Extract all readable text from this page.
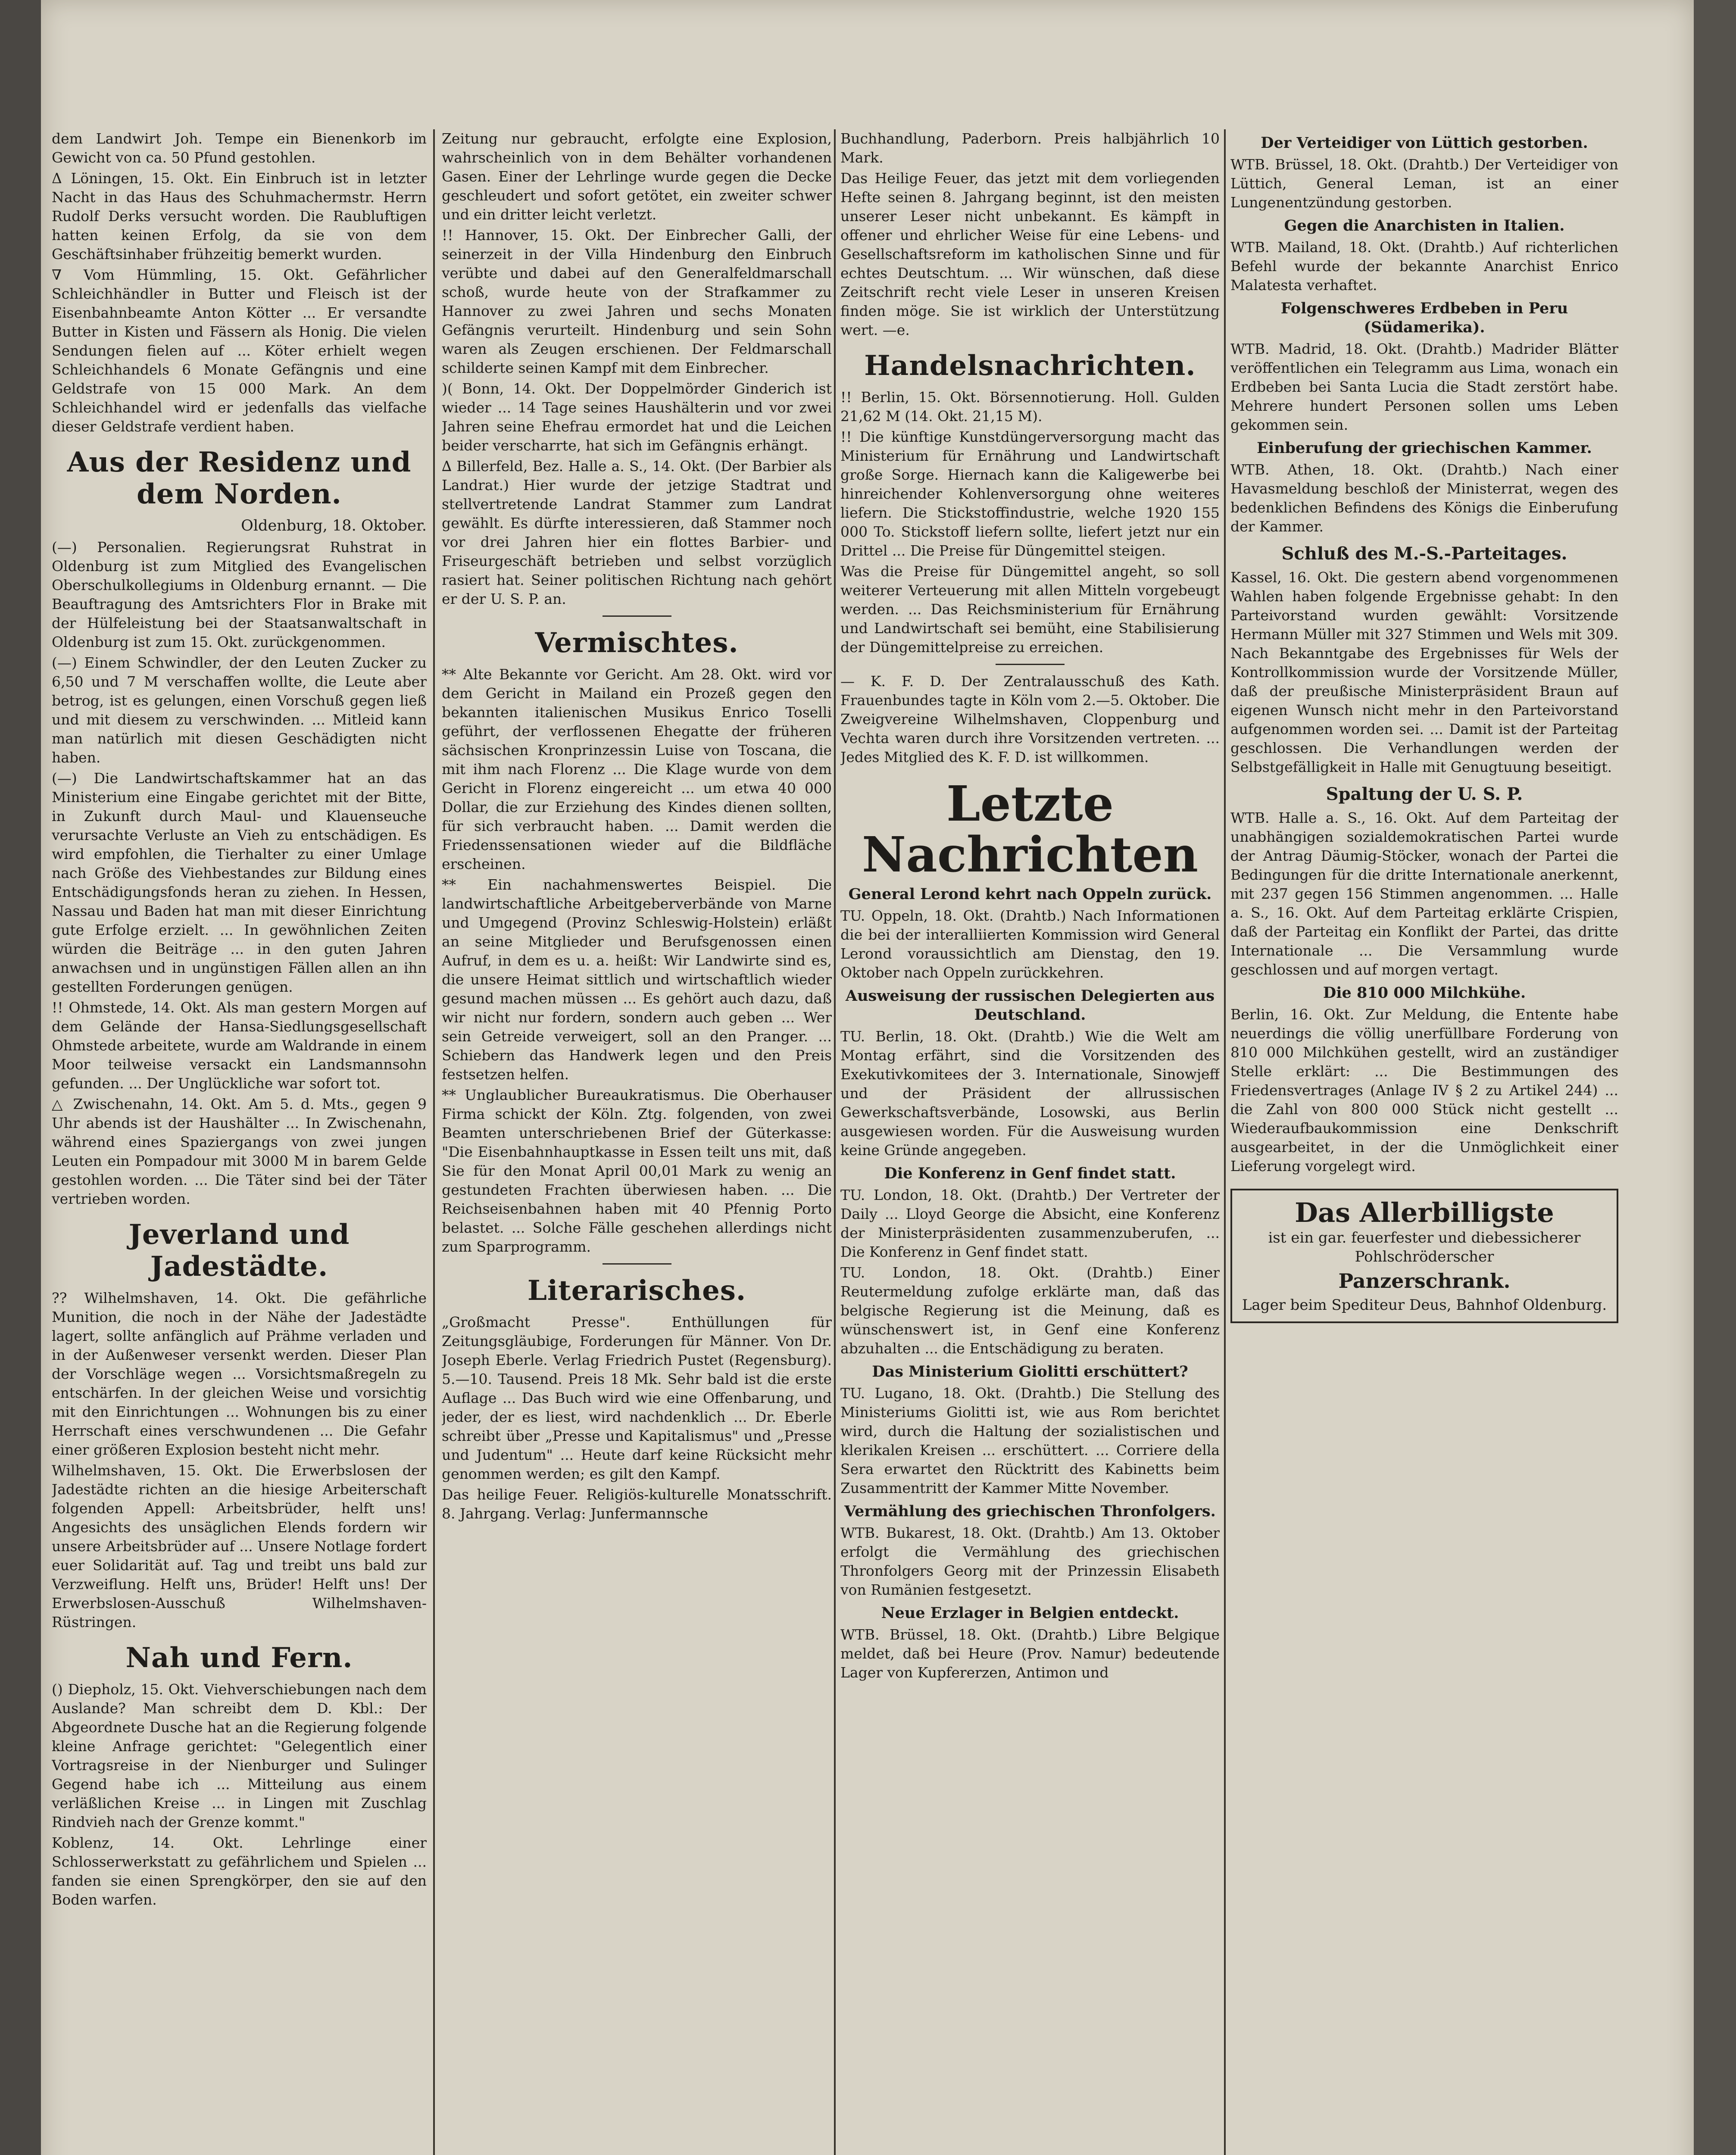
dem Landwirt Joh. Tempe ein Bienenkorb im Gewicht von ca. 50 Pfund gestohlen.

Δ Löningen, 15. Okt. Ein Einbruch ist in letzter Nacht in das Haus des Schuhmachermstr. Herrn Rudolf Derks versucht worden. Die Raubluftigen hatten keinen Erfolg, da sie von dem Geschäftsinhaber frühzeitig bemerkt wurden.

∇ Vom Hümmling, 15. Okt. Gefährlicher Schleichhändler in Butter und Fleisch ist der Eisenbahnbeamte Anton Kötter ... Er versandte Butter in Kisten und Fässern als Honig. Die vielen Sendungen fielen auf ... Köter erhielt wegen Schleichhandels 6 Monate Gefängnis und eine Geldstrafe von 15 000 Mark. An dem Schleichhandel wird er jedenfalls das vielfache dieser Geldstrafe verdient haben.

Aus der Residenz und dem Norden.
Oldenburg, 18. Oktober.

(—) Personalien. Regierungsrat Ruhstrat in Oldenburg ist zum Mitglied des Evangelischen Oberschulkollegiums in Oldenburg ernannt. — Die Beauftragung des Amtsrichters Flor in Brake mit der Hülfeleistung bei der Staatsanwaltschaft in Oldenburg ist zum 15. Okt. zurückgenommen.

(—) Einem Schwindler, der den Leuten Zucker zu 6,50 und 7 M verschaffen wollte, die Leute aber betrog, ist es gelungen, einen Vorschuß gegen ließ und mit diesem zu verschwinden. ... Mitleid kann man natürlich mit diesen Geschädigten nicht haben.

(—) Die Landwirtschaftskammer hat an das Ministerium eine Eingabe gerichtet mit der Bitte, in Zukunft durch Maul- und Klauenseuche verursachte Verluste an Vieh zu entschädigen. Es wird empfohlen, die Tierhalter zu einer Umlage nach Größe des Viehbestandes zur Bildung eines Entschädigungsfonds heran zu ziehen. In Hessen, Nassau und Baden hat man mit dieser Einrichtung gute Erfolge erzielt. ... In gewöhnlichen Zeiten würden die Beiträge ... in den guten Jahren anwachsen und in ungünstigen Fällen allen an ihn gestellten Forderungen genügen.

!! Ohmstede, 14. Okt. Als man gestern Morgen auf dem Gelände der Hansa-Siedlungsgesellschaft Ohmstede arbeitete, wurde am Waldrande in einem Moor teilweise versackt ein Landsmannsohn gefunden. ... Der Unglückliche war sofort tot.

△ Zwischenahn, 14. Okt. Am 5. d. Mts., gegen 9 Uhr abends ist der Haushälter ... In Zwischenahn, während eines Spaziergangs von zwei jungen Leuten ein Pompadour mit 3000 M in barem Gelde gestohlen worden. ... Die Täter sind bei der Täter vertrieben worden.

Jeverland und Jadestädte.

?? Wilhelmshaven, 14. Okt. Die gefährliche Munition, die noch in der Nähe der Jadestädte lagert, sollte anfänglich auf Prähme verladen und in der Außenweser versenkt werden. Dieser Plan der Vorschläge wegen ... Vorsichtsmaßregeln zu entschärfen. In der gleichen Weise und vorsichtig mit den Einrichtungen ... Wohnungen bis zu einer Herrschaft eines verschwundenen ... Die Gefahr einer größeren Explosion besteht nicht mehr.

Wilhelmshaven, 15. Okt. Die Erwerbslosen der Jadestädte richten an die hiesige Arbeiterschaft folgenden Appell: Arbeitsbrüder, helft uns! Angesichts des unsäglichen Elends fordern wir unsere Arbeitsbrüder auf ... Unsere Notlage fordert euer Solidarität auf. Tag und treibt uns bald zur Verzweiflung. Helft uns, Brüder! Helft uns! Der Erwerbslosen-Ausschuß Wilhelmshaven-Rüstringen.

Nah und Fern.

() Diepholz, 15. Okt. Viehverschiebungen nach dem Auslande? Man schreibt dem D. Kbl.: Der Abgeordnete Dusche hat an die Regierung folgende kleine Anfrage gerichtet: "Gelegentlich einer Vortragsreise in der Nienburger und Sulinger Gegend habe ich ... Mitteilung aus einem verläßlichen Kreise ... in Lingen mit Zuschlag Rindvieh nach der Grenze kommt."

Koblenz, 14. Okt. Lehrlinge einer Schlosserwerkstatt zu gefährlichem und Spielen ... fanden sie einen Sprengkörper, den sie auf den Boden warfen.

Zeitung nur gebraucht, erfolgte eine Explosion, wahrscheinlich von in dem Behälter vorhandenen Gasen. Einer der Lehrlinge wurde gegen die Decke geschleudert und sofort getötet, ein zweiter schwer und ein dritter leicht verletzt.

!! Hannover, 15. Okt. Der Einbrecher Galli, der seinerzeit in der Villa Hindenburg den Einbruch verübte und dabei auf den Generalfeldmarschall schoß, wurde heute von der Strafkammer zu Hannover zu zwei Jahren und sechs Monaten Gefängnis verurteilt. Hindenburg und sein Sohn waren als Zeugen erschienen. Der Feldmarschall schilderte seinen Kampf mit dem Einbrecher.

)( Bonn, 14. Okt. Der Doppelmörder Ginderich ist wieder ... 14 Tage seines Haushälterin und vor zwei Jahren seine Ehefrau ermordet hat und die Leichen beider verscharrte, hat sich im Gefängnis erhängt.

∆ Billerfeld, Bez. Halle a. S., 14. Okt. (Der Barbier als Landrat.) Hier wurde der jetzige Stadtrat und stellvertretende Landrat Stammer zum Landrat gewählt. Es dürfte interessieren, daß Stammer noch vor drei Jahren hier ein flottes Barbier- und Friseurgeschäft betrieben und selbst vorzüglich rasiert hat. Seiner politischen Richtung nach gehört er der U. S. P. an.

Vermischtes.

** Alte Bekannte vor Gericht. Am 28. Okt. wird vor dem Gericht in Mailand ein Prozeß gegen den bekannten italienischen Musikus Enrico Toselli geführt, der verflossenen Ehegatte der früheren sächsischen Kronprinzessin Luise von Toscana, die mit ihm nach Florenz ... Die Klage wurde von dem Gericht in Florenz eingereicht ... um etwa 40 000 Dollar, die zur Erziehung des Kindes dienen sollten, für sich verbraucht haben. ... Damit werden die Friedenssensationen wieder auf die Bildfläche erscheinen.

** Ein nachahmenswertes Beispiel. Die landwirtschaftliche Arbeitgeberverbände von Marne und Umgegend (Provinz Schleswig-Holstein) erläßt an seine Mitglieder und Berufsgenossen einen Aufruf, in dem es u. a. heißt: Wir Landwirte sind es, die unsere Heimat sittlich und wirtschaftlich wieder gesund machen müssen ... Es gehört auch dazu, daß wir nicht nur fordern, sondern auch geben ... Wer sein Getreide verweigert, soll an den Pranger. ... Schiebern das Handwerk legen und den Preis festsetzen helfen.

** Unglaublicher Bureaukratismus. Die Oberhauser Firma schickt der Köln. Ztg. folgenden, von zwei Beamten unterschriebenen Brief der Güterkasse: "Die Eisenbahnhauptkasse in Essen teilt uns mit, daß Sie für den Monat April 00,01 Mark zu wenig an gestundeten Frachten überwiesen haben. ... Die Reichseisenbahnen haben mit 40 Pfennig Porto belastet. ... Solche Fälle geschehen allerdings nicht zum Sparprogramm.

Literarisches.

„Großmacht Presse". Enthüllungen für Zeitungsgläubige, Forderungen für Männer. Von Dr. Joseph Eberle. Verlag Friedrich Pustet (Regensburg). 5.—10. Tausend. Preis 18 Mk. Sehr bald ist die erste Auflage ... Das Buch wird wie eine Offenbarung, und jeder, der es liest, wird nachdenklich ... Dr. Eberle schreibt über „Presse und Kapitalismus" und „Presse und Judentum" ... Heute darf keine Rücksicht mehr genommen werden; es gilt den Kampf.

Das heilige Feuer. Religiös-kulturelle Monatsschrift. 8. Jahrgang. Verlag: Junfermannsche

Buchhandlung, Paderborn. Preis halbjährlich 10 Mark.

Das Heilige Feuer, das jetzt mit dem vorliegenden Hefte seinen 8. Jahrgang beginnt, ist den meisten unserer Leser nicht unbekannt. Es kämpft in offener und ehrlicher Weise für eine Lebens- und Gesellschaftsreform im katholischen Sinne und für echtes Deutschtum. ... Wir wünschen, daß diese Zeitschrift recht viele Leser in unseren Kreisen finden möge. Sie ist wirklich der Unterstützung wert. —e.

Handelsnachrichten.

!! Berlin, 15. Okt. Börsennotierung. Holl. Gulden 21,62 M (14. Okt. 21,15 M).

!! Die künftige Kunstdüngerversorgung macht das Ministerium für Ernährung und Landwirtschaft große Sorge. Hiernach kann die Kaligewerbe bei hinreichender Kohlenversorgung ohne weiteres liefern. Die Stickstoffindustrie, welche 1920 155 000 To. Stickstoff liefern sollte, liefert jetzt nur ein Drittel ... Die Preise für Düngemittel steigen.

Was die Preise für Düngemittel angeht, so soll weiterer Verteuerung mit allen Mitteln vorgebeugt werden. ... Das Reichsministerium für Ernährung und Landwirtschaft sei bemüht, eine Stabilisierung der Düngemittelpreise zu erreichen.

— K. F. D. Der Zentralausschuß des Kath. Frauenbundes tagte in Köln vom 2.—5. Oktober. Die Zweigvereine Wilhelmshaven, Cloppenburg und Vechta waren durch ihre Vorsitzenden vertreten. ... Jedes Mitglied des K. F. D. ist willkommen.

Letzte Nachrichten
General Lerond kehrt nach Oppeln zurück.

TU. Oppeln, 18. Okt. (Drahtb.) Nach Informationen die bei der interalliierten Kommission wird General Lerond voraussichtlich am Dienstag, den 19. Oktober nach Oppeln zurückkehren.

Ausweisung der russischen Delegierten aus Deutschland.

TU. Berlin, 18. Okt. (Drahtb.) Wie die Welt am Montag erfährt, sind die Vorsitzenden des Exekutivkomitees der 3. Internationale, Sinowjeff und der Präsident der allrussischen Gewerkschaftsverbände, Losowski, aus Berlin ausgewiesen worden. Für die Ausweisung wurden keine Gründe angegeben.

Die Konferenz in Genf findet statt.

TU. London, 18. Okt. (Drahtb.) Der Vertreter der Daily ... Lloyd George die Absicht, eine Konferenz der Ministerpräsidenten zusammenzuberufen, ... Die Konferenz in Genf findet statt.

TU. London, 18. Okt. (Drahtb.) Einer Reutermeldung zufolge erklärte man, daß das belgische Regierung ist die Meinung, daß es wünschenswert ist, in Genf eine Konferenz abzuhalten ... die Entschädigung zu beraten.

Das Ministerium Giolitti erschüttert?

TU. Lugano, 18. Okt. (Drahtb.) Die Stellung des Ministeriums Giolitti ist, wie aus Rom berichtet wird, durch die Haltung der sozialistischen und klerikalen Kreisen ... erschüttert. ... Corriere della Sera erwartet den Rücktritt des Kabinetts beim Zusammentritt der Kammer Mitte November.

Vermählung des griechischen Thronfolgers.

WTB. Bukarest, 18. Okt. (Drahtb.) Am 13. Oktober erfolgt die Vermählung des griechischen Thronfolgers Georg mit der Prinzessin Elisabeth von Rumänien festgesetzt.

Neue Erzlager in Belgien entdeckt.

WTB. Brüssel, 18. Okt. (Drahtb.) Libre Belgique meldet, daß bei Heure (Prov. Namur) bedeutende Lager von Kupfererzen, Antimon und

Der Verteidiger von Lüttich gestorben.

WTB. Brüssel, 18. Okt. (Drahtb.) Der Verteidiger von Lüttich, General Leman, ist an einer Lungenentzündung gestorben.

Gegen die Anarchisten in Italien.

WTB. Mailand, 18. Okt. (Drahtb.) Auf richterlichen Befehl wurde der bekannte Anarchist Enrico Malatesta verhaftet.

Folgenschweres Erdbeben in Peru (Südamerika).

WTB. Madrid, 18. Okt. (Drahtb.) Madrider Blätter veröffentlichen ein Telegramm aus Lima, wonach ein Erdbeben bei Santa Lucia die Stadt zerstört habe. Mehrere hundert Personen sollen ums Leben gekommen sein.

Einberufung der griechischen Kammer.

WTB. Athen, 18. Okt. (Drahtb.) Nach einer Havasmeldung beschloß der Ministerrat, wegen des bedenklichen Befindens des Königs die Einberufung der Kammer.

Schluß des M.-S.-Parteitages.

Kassel, 16. Okt. Die gestern abend vorgenommenen Wahlen haben folgende Ergebnisse gehabt: In den Parteivorstand wurden gewählt: Vorsitzende Hermann Müller mit 327 Stimmen und Wels mit 309. Nach Bekanntgabe des Ergebnisses für Wels der Kontrollkommission wurde der Vorsitzende Müller, daß der preußische Ministerpräsident Braun auf eigenen Wunsch nicht mehr in den Parteivorstand aufgenommen worden sei. ... Damit ist der Parteitag geschlossen. Die Verhandlungen werden der Selbstgefälligkeit in Halle mit Genugtuung beseitigt.

Spaltung der U. S. P.

WTB. Halle a. S., 16. Okt. Auf dem Parteitag der unabhängigen sozialdemokratischen Partei wurde der Antrag Däumig-Stöcker, wonach der Partei die Bedingungen für die dritte Internationale anerkennt, mit 237 gegen 156 Stimmen angenommen. ... Halle a. S., 16. Okt. Auf dem Parteitag erklärte Crispien, daß der Parteitag ein Konflikt der Partei, das dritte Internationale ... Die Versammlung wurde geschlossen und auf morgen vertagt.

Die 810 000 Milchkühe.

Berlin, 16. Okt. Zur Meldung, die Entente habe neuerdings die völlig unerfüllbare Forderung von 810 000 Milchkühen gestellt, wird an zuständiger Stelle erklärt: ... Die Bestimmungen des Friedensvertrages (Anlage IV § 2 zu Artikel 244) ... die Zahl von 800 000 Stück nicht gestellt ... Wiederaufbaukommission eine Denkschrift ausgearbeitet, in der die Unmöglichkeit einer Lieferung vorgelegt wird.

Das Allerbilligste
ist ein gar. feuerfester und diebessicherer Pohlschröderscher
Panzerschrank.
Lager beim Spediteur Deus, Bahnhof Oldenburg.
